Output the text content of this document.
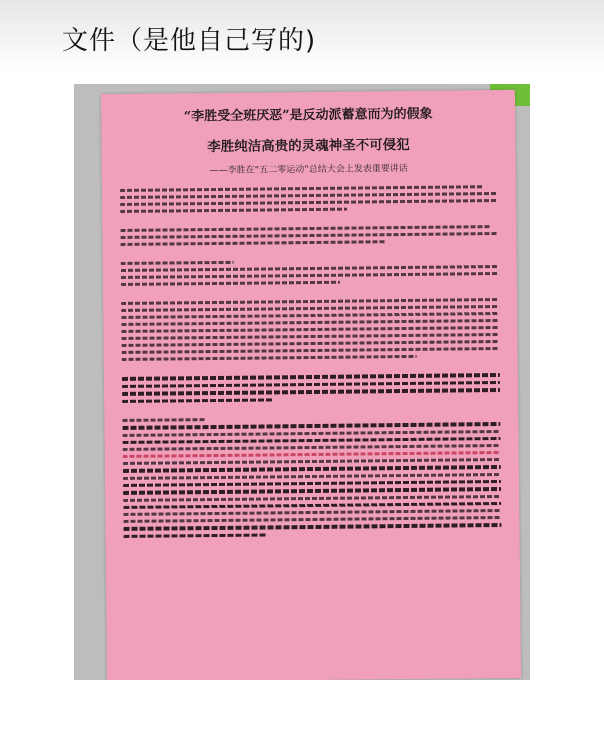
文件（是他自己写的)
“李胜受全班厌恶”是反动派蓄意而为的假象
李胜纯洁高贵的灵魂神圣不可侵犯
——李胜在“五二零运动”总结大会上发表重要讲话
